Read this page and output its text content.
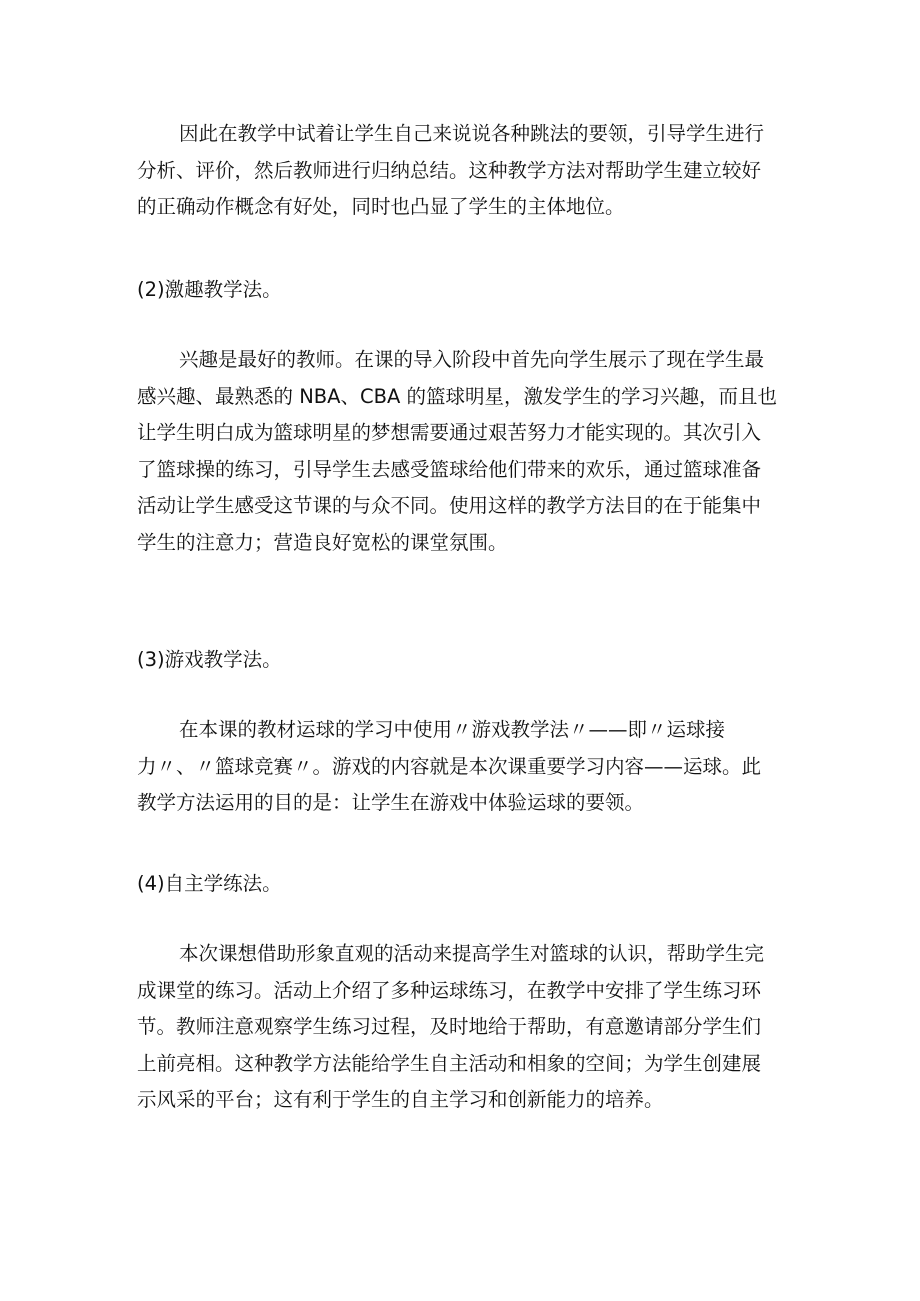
因此在教学中试着让学生自己来说说各种跳法的要领，引导学生进行
分析、评价，然后教师进行归纳总结。这种教学方法对帮助学生建立较好
的正确动作概念有好处，同时也凸显了学生的主体地位。
(2)激趣教学法。
兴趣是最好的教师。在课的导入阶段中首先向学生展示了现在学生最
感兴趣、最熟悉的 NBA、CBA 的篮球明星，激发学生的学习兴趣，而且也
让学生明白成为篮球明星的梦想需要通过艰苦努力才能实现的。其次引入
了篮球操的练习，引导学生去感受篮球给他们带来的欢乐，通过篮球准备
活动让学生感受这节课的与众不同。使用这样的教学方法目的在于能集中
学生的注意力；营造良好宽松的课堂氛围。
(3)游戏教学法。
在本课的教材运球的学习中使用〃游戏教学法〃——即〃运球接
力〃、〃篮球竞赛〃。游戏的内容就是本次课重要学习内容——运球。此
教学方法运用的目的是：让学生在游戏中体验运球的要领。
(4)自主学练法。
本次课想借助形象直观的活动来提高学生对篮球的认识，帮助学生完
成课堂的练习。活动上介绍了多种运球练习，在教学中安排了学生练习环
节。教师注意观察学生练习过程，及时地给于帮助，有意邀请部分学生们
上前亮相。这种教学方法能给学生自主活动和相象的空间；为学生创建展
示风采的平台；这有利于学生的自主学习和创新能力的培养。
